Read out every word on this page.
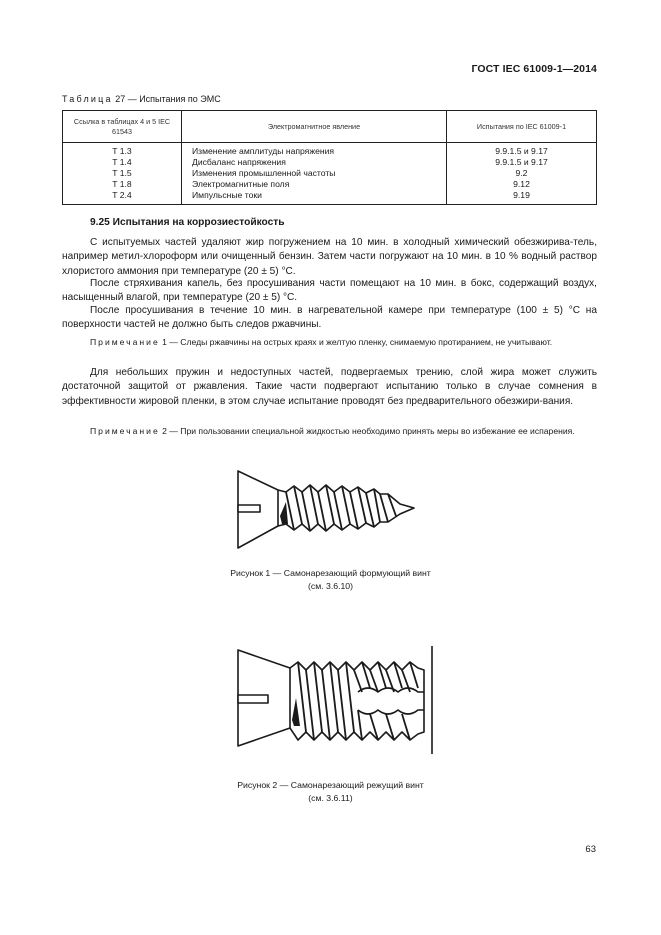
ГОСТ IEC 61009-1—2014
Таблица 27 — Испытания по ЭМС
Ссылка в таблицах 4 и 5 IEC 61543	Электромагнитное явление	Испытания по IEC 61009-1
T 1.3	Изменение амплитуды напряжения	9.9.1.5 и 9.17
T 1.4	Дисбаланс напряжения	9.9.1.5 и 9.17
T 1.5	Изменения промышленной частоты	9.2
T 1.8	Электромагнитные поля	9.12
T 2.4	Импульсные токи	9.19
9.25 Испытания на коррозиестойкость

С испытуемых частей удаляют жир погружением на 10 мин. в холодный химический обезжирива-тель, например метил-хлороформ или очищенный бензин. Затем части погружают на 10 мин. в 10 % водный раствор хлористого аммония при температуре (20 ± 5) °С.

После стряхивания капель, без просушивания части помещают на 10 мин. в бокс, содержащий воздух, насыщенный влагой, при температуре (20 ± 5) °С.

После просушивания в течение 10 мин. в нагревательной камере при температуре (100 ± 5) °С на поверхности частей не должно быть следов ржавчины.

Примечание 1 — Следы ржавчины на острых краях и желтую пленку, снимаемую протиранием, не учитывают.

Для небольших пружин и недоступных частей, подвергаемых трению, слой жира может служить достаточной защитой от ржавления. Такие части подвергают испытанию только в случае сомнения в эффективности жировой пленки, в этом случае испытание проводят без предварительного обезжири-вания.

Примечание 2 — При пользовании специальной жидкостью необходимо принять меры во избежание ее испарения.

Рисунок 1 — Самонарезающий формующий винт
(см. 3.6.10)
Рисунок 2 — Самонарезающий режущий винт
(см. 3.6.11)
63
